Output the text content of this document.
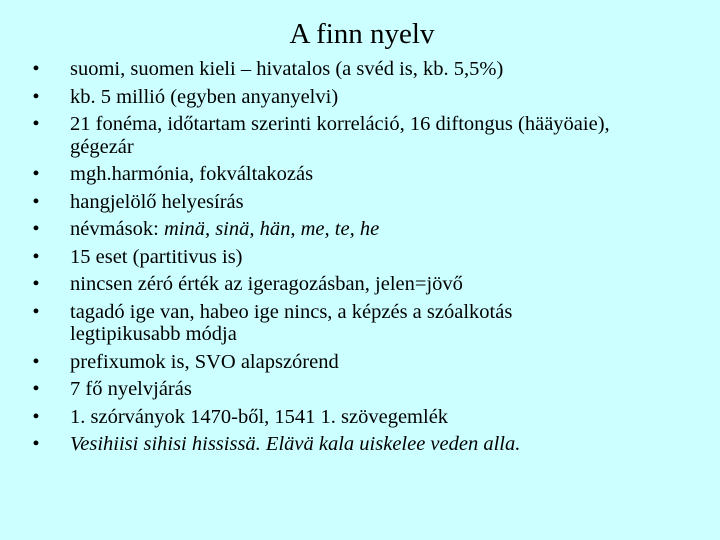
A finn nyelv
•	suomi, suomen kieli – hivatalos (a svéd is, kb. 5,5%)
•	kb. 5 millió (egyben anyanyelvi)
•	21 fonéma, időtartam szerinti korreláció, 16 diftongus (hääyöaie), gégezár
•	mgh.harmónia, fokváltakozás
•	hangjelölő helyesírás
•	névmások: minä, sinä, hän, me, te, he
•	15 eset (partitivus is)
•	nincsen zéró érték az igeragozásban, jelen=jövő
•	tagadó ige van, habeo ige nincs, a képzés a szóalkotás legtipikusabb módja
•	prefixumok is, SVO alapszórend
•	7 fő nyelvjárás
•	1. szórványok 1470-ből, 1541 1. szövegemlék
•	Vesihiisi sihisi hississä. Elävä kala uiskelee veden alla.
